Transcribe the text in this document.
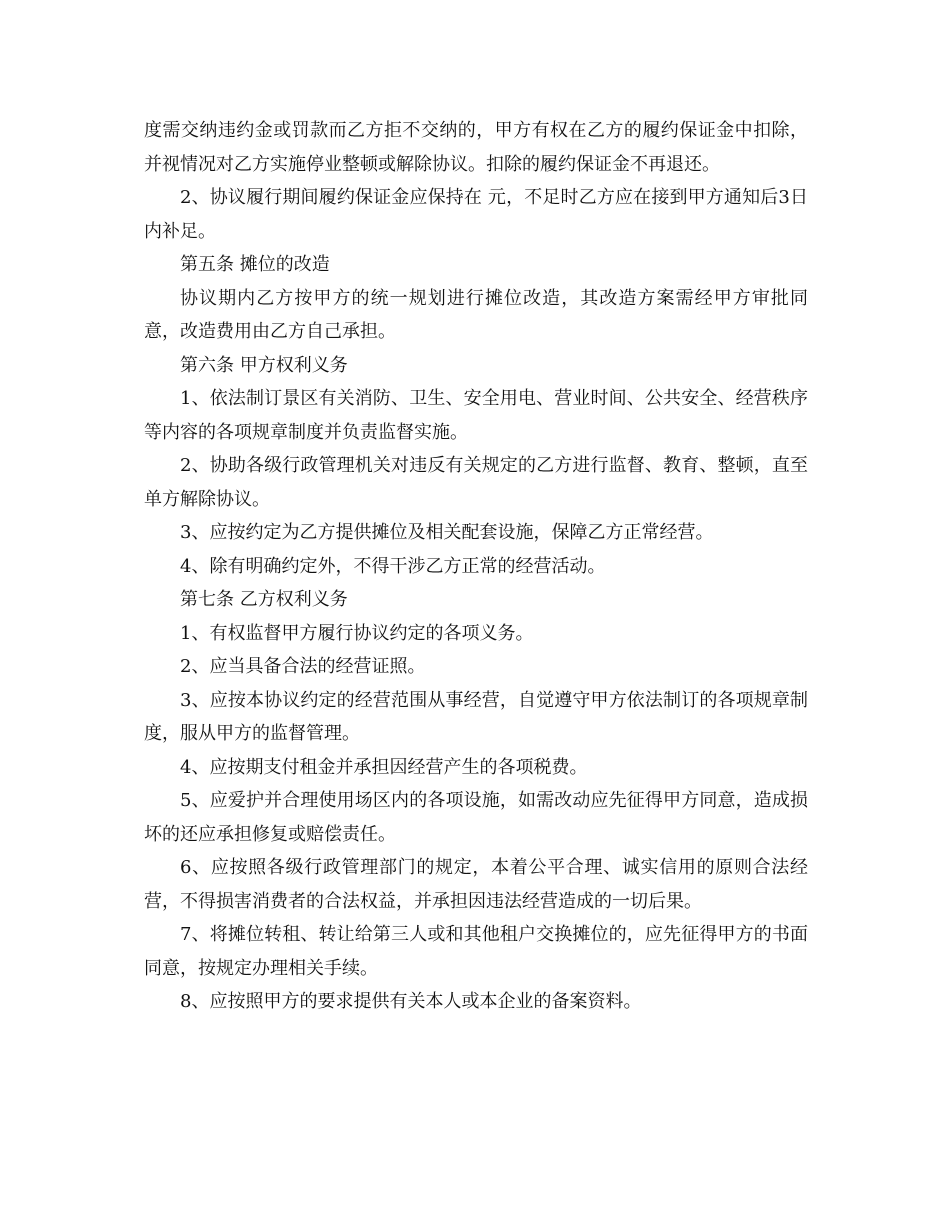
度需交纳违约金或罚款而乙方拒不交纳的，甲方有权在乙方的履约保证金中扣除，并视情况对乙方实施停业整顿或解除协议。扣除的履约保证金不再退还。

2、协议履行期间履约保证金应保持在 元，不足时乙方应在接到甲方通知后3日内补足。

第五条 摊位的改造

协议期内乙方按甲方的统一规划进行摊位改造，其改造方案需经甲方审批同意，改造费用由乙方自己承担。

第六条 甲方权利义务

1、依法制订景区有关消防、卫生、安全用电、营业时间、公共安全、经营秩序等内容的各项规章制度并负责监督实施。

2、协助各级行政管理机关对违反有关规定的乙方进行监督、教育、整顿，直至单方解除协议。

3、应按约定为乙方提供摊位及相关配套设施，保障乙方正常经营。

4、除有明确约定外，不得干涉乙方正常的经营活动。

第七条 乙方权利义务

1、有权监督甲方履行协议约定的各项义务。

2、应当具备合法的经营证照。

3、应按本协议约定的经营范围从事经营，自觉遵守甲方依法制订的各项规章制度，服从甲方的监督管理。

4、应按期支付租金并承担因经营产生的各项税费。

5、应爱护并合理使用场区内的各项设施，如需改动应先征得甲方同意，造成损坏的还应承担修复或赔偿责任。

6、应按照各级行政管理部门的规定，本着公平合理、诚实信用的原则合法经营，不得损害消费者的合法权益，并承担因违法经营造成的一切后果。

7、将摊位转租、转让给第三人或和其他租户交换摊位的，应先征得甲方的书面同意，按规定办理相关手续。

8、应按照甲方的要求提供有关本人或本企业的备案资料。
